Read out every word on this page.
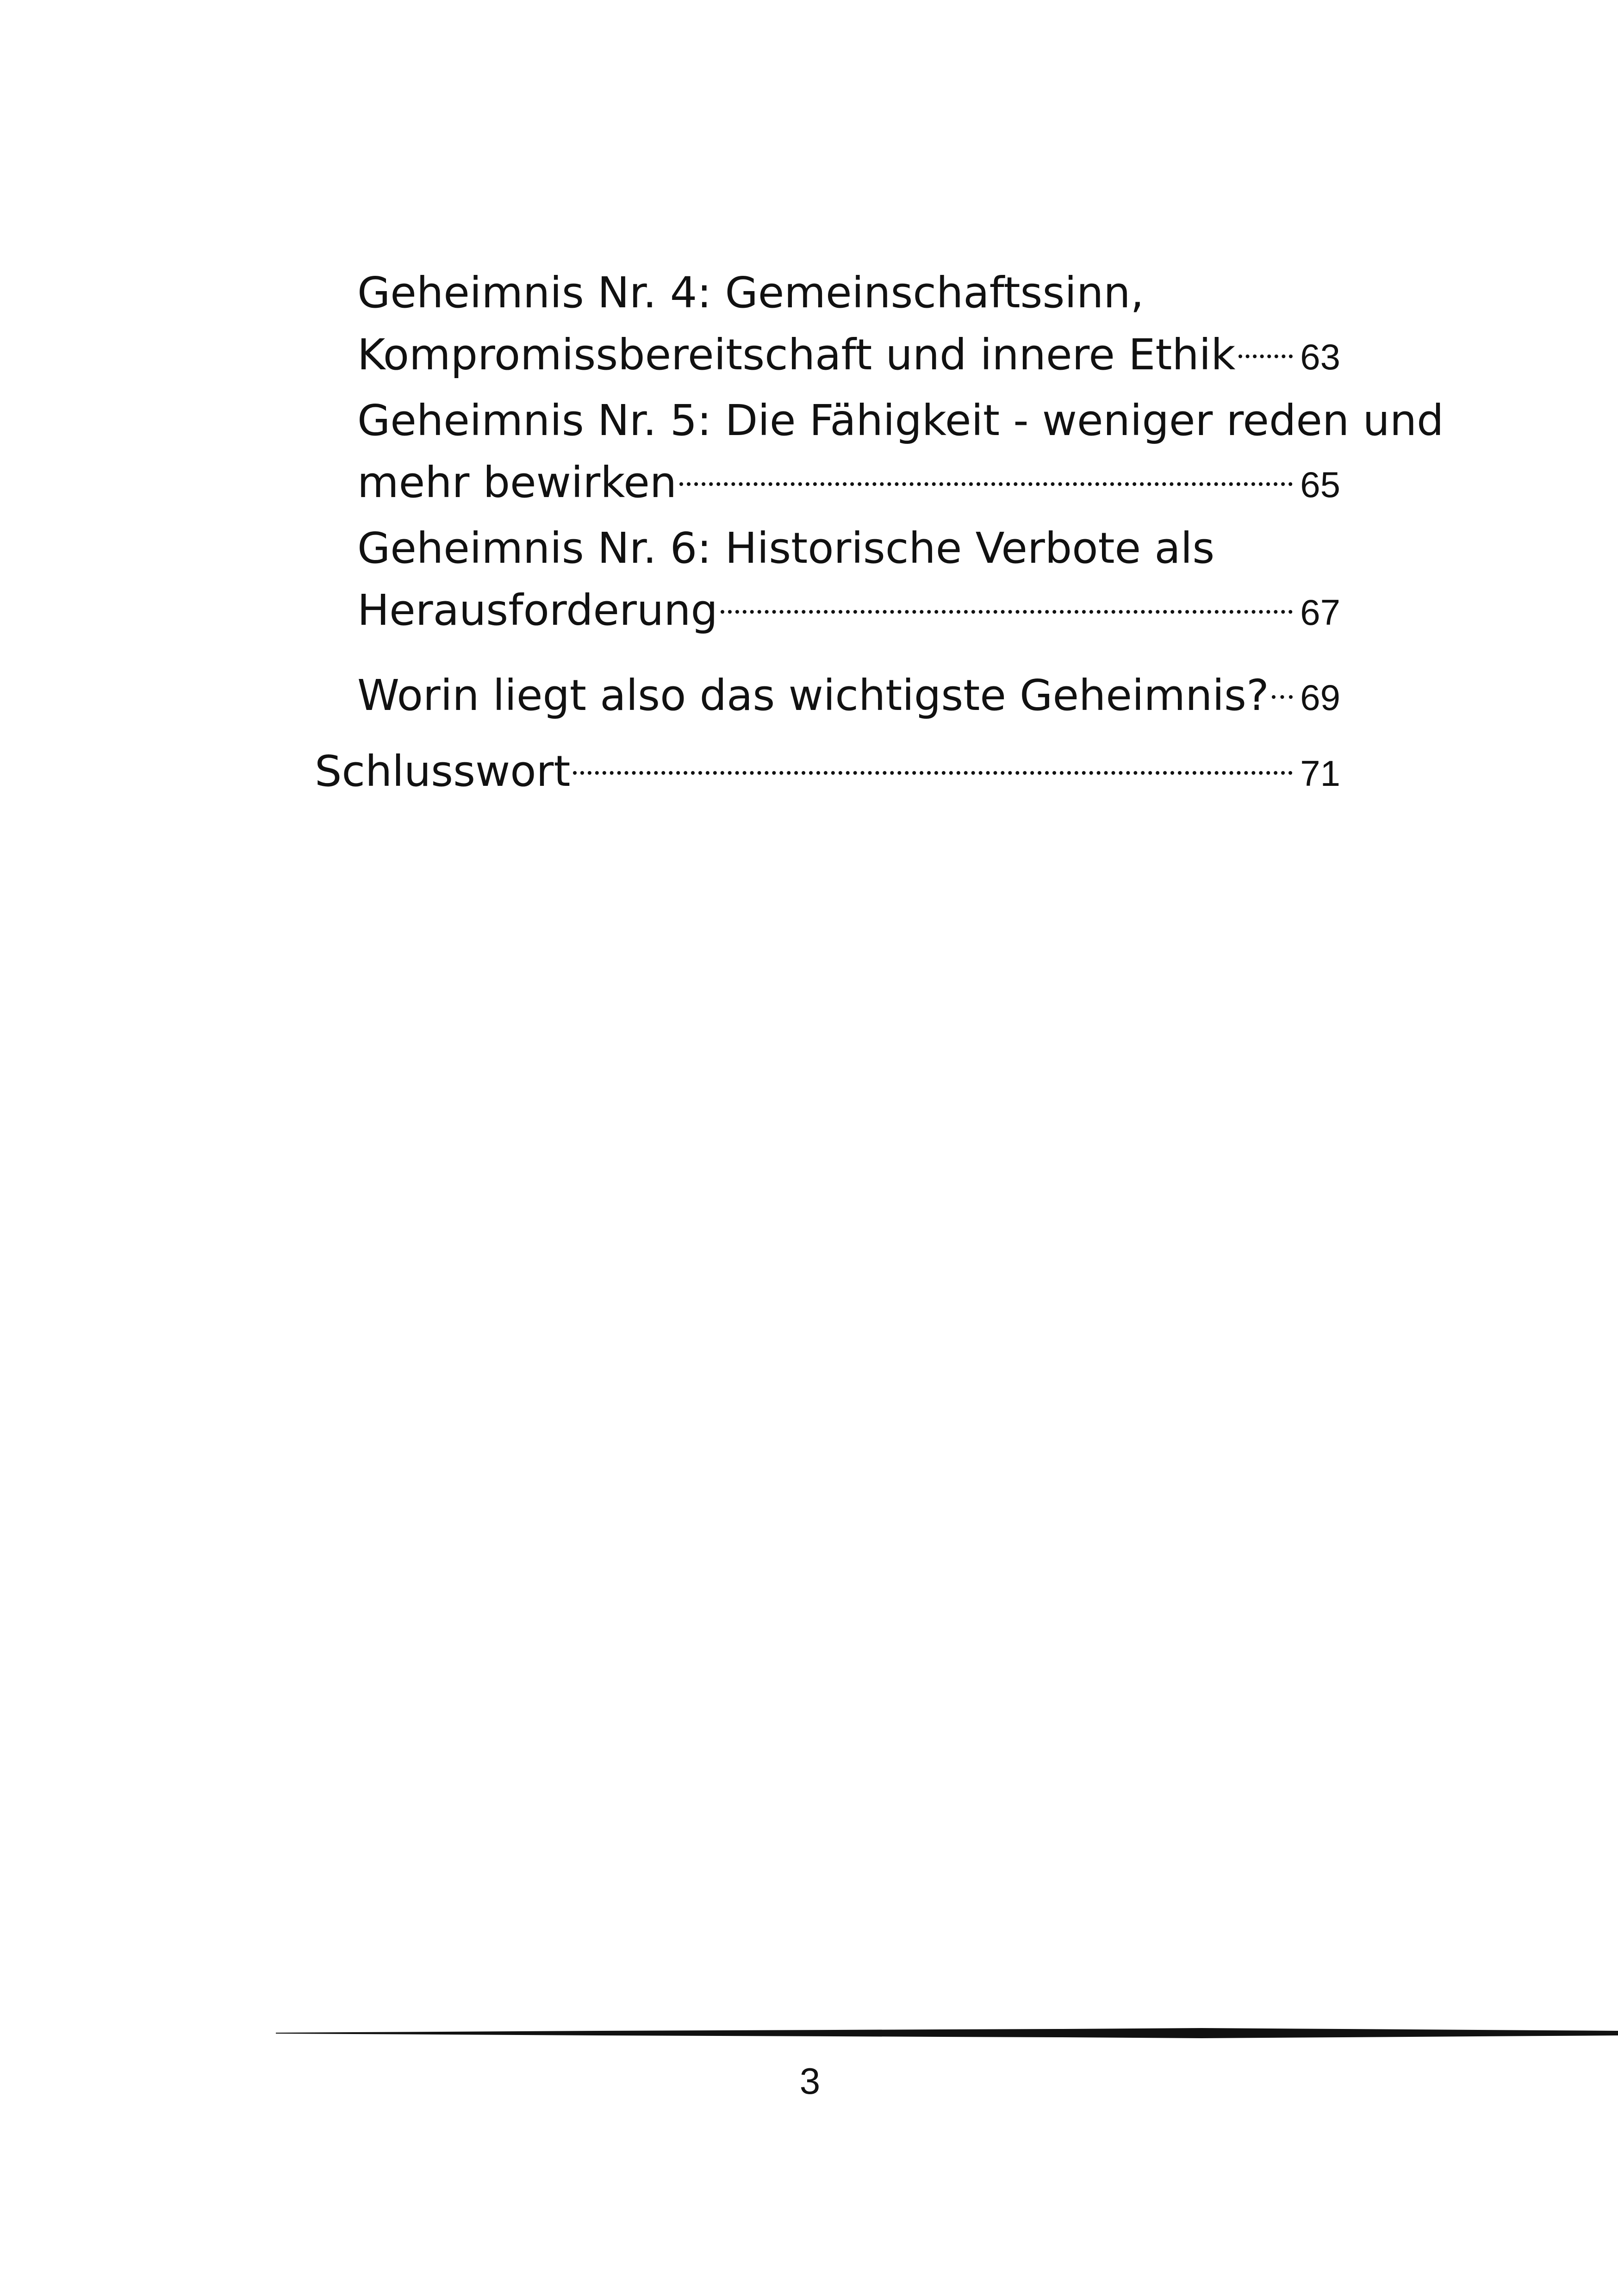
Geheimnis Nr. 4: Gemeinschaftssinn,
Kompromissbereitschaft und innere Ethik 63
Geheimnis Nr. 5: Die Fähigkeit - weniger reden und
mehr bewirken	65
Geheimnis Nr. 6: Historische Verbote als
Herausforderung	67
Worin liegt also das wichtigste Geheimnis? 69
Schlusswort	71
3
